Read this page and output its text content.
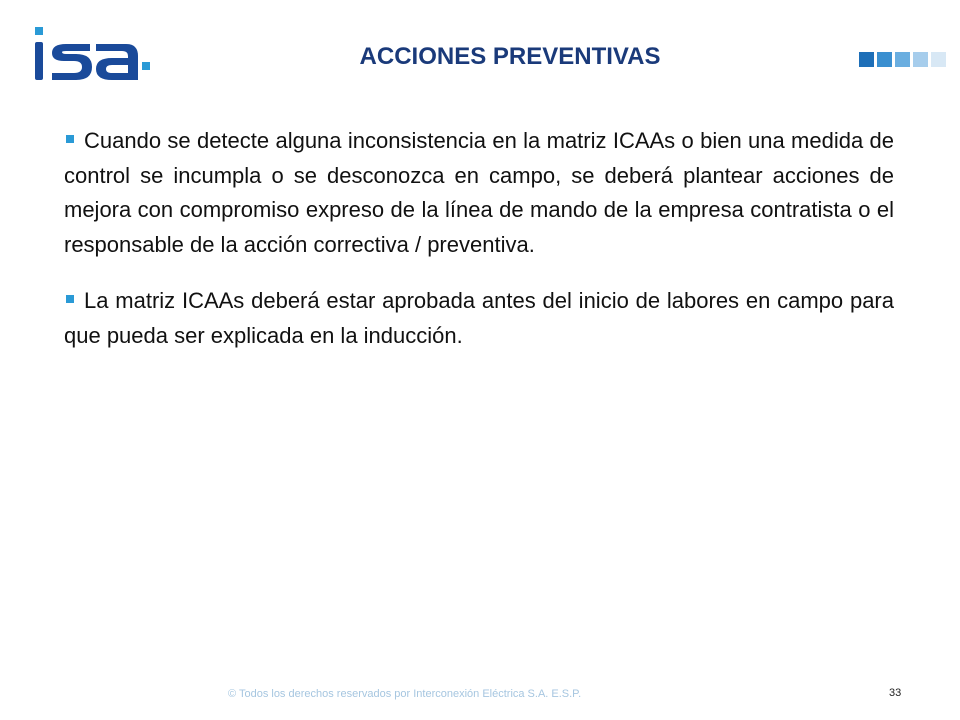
ACCIONES PREVENTIVAS

Cuando se detecte alguna inconsistencia en la matriz ICAAs o bien una medida de control se incumpla o se desconozca en campo, se deberá plantear acciones de mejora con compromiso expreso de la línea de mando de la empresa contratista o el responsable de la acción correctiva / preventiva.

La matriz ICAAs deberá estar aprobada antes del inicio de labores en campo para que pueda ser explicada en la inducción.

© Todos los derechos reservados por Interconexión Eléctrica S.A. E.S.P.	33
